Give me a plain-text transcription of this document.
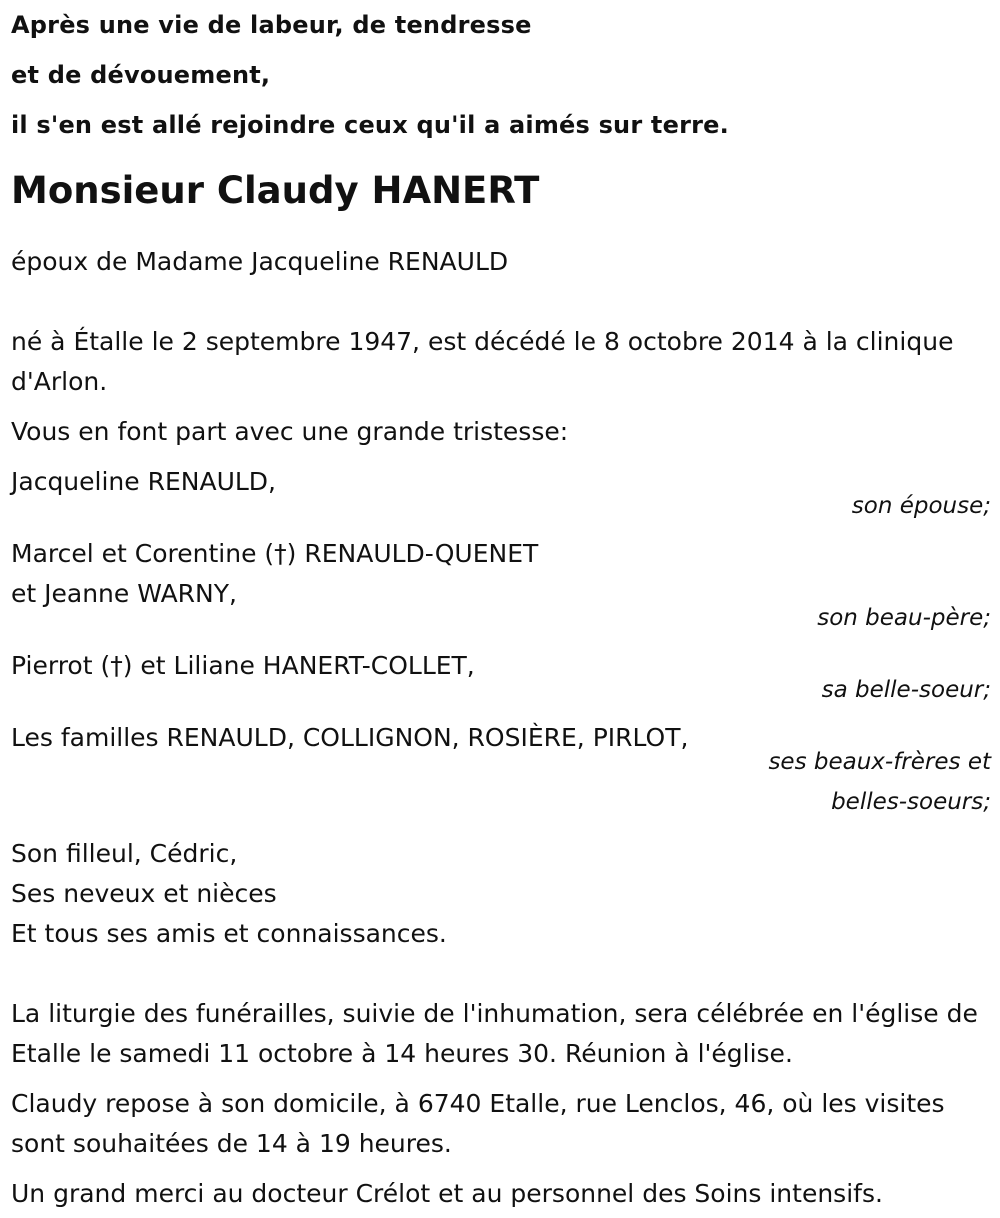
Après une vie de labeur, de tendresse
et de dévouement,
il s'en est allé rejoindre ceux qu'il a aimés sur terre.
Monsieur Claudy HANERT
époux de Madame Jacqueline RENAULD
né à Étalle le 2 septembre 1947, est décédé le 8 octobre 2014 à la clinique d'Arlon.
Vous en font part avec une grande tristesse:
Jacqueline RENAULD,
son épouse;
Marcel et Corentine (†) RENAULD-QUENET
et Jeanne WARNY,
son beau-père;
Pierrot (†) et Liliane HANERT-COLLET,
sa belle-soeur;
Les familles RENAULD, COLLIGNON, ROSIÈRE, PIRLOT,
ses beaux-frères et
belles-soeurs;
Son filleul, Cédric,
Ses neveux et nièces
Et tous ses amis et connaissances.
La liturgie des funérailles, suivie de l'inhumation, sera célébrée en l'église de Etalle le samedi 11 octobre à 14 heures 30. Réunion à l'église.
Claudy repose à son domicile, à 6740 Etalle, rue Lenclos, 46, où les visites sont souhaitées de 14 à 19 heures.
Un grand merci au docteur Crélot et au personnel des Soins intensifs.
